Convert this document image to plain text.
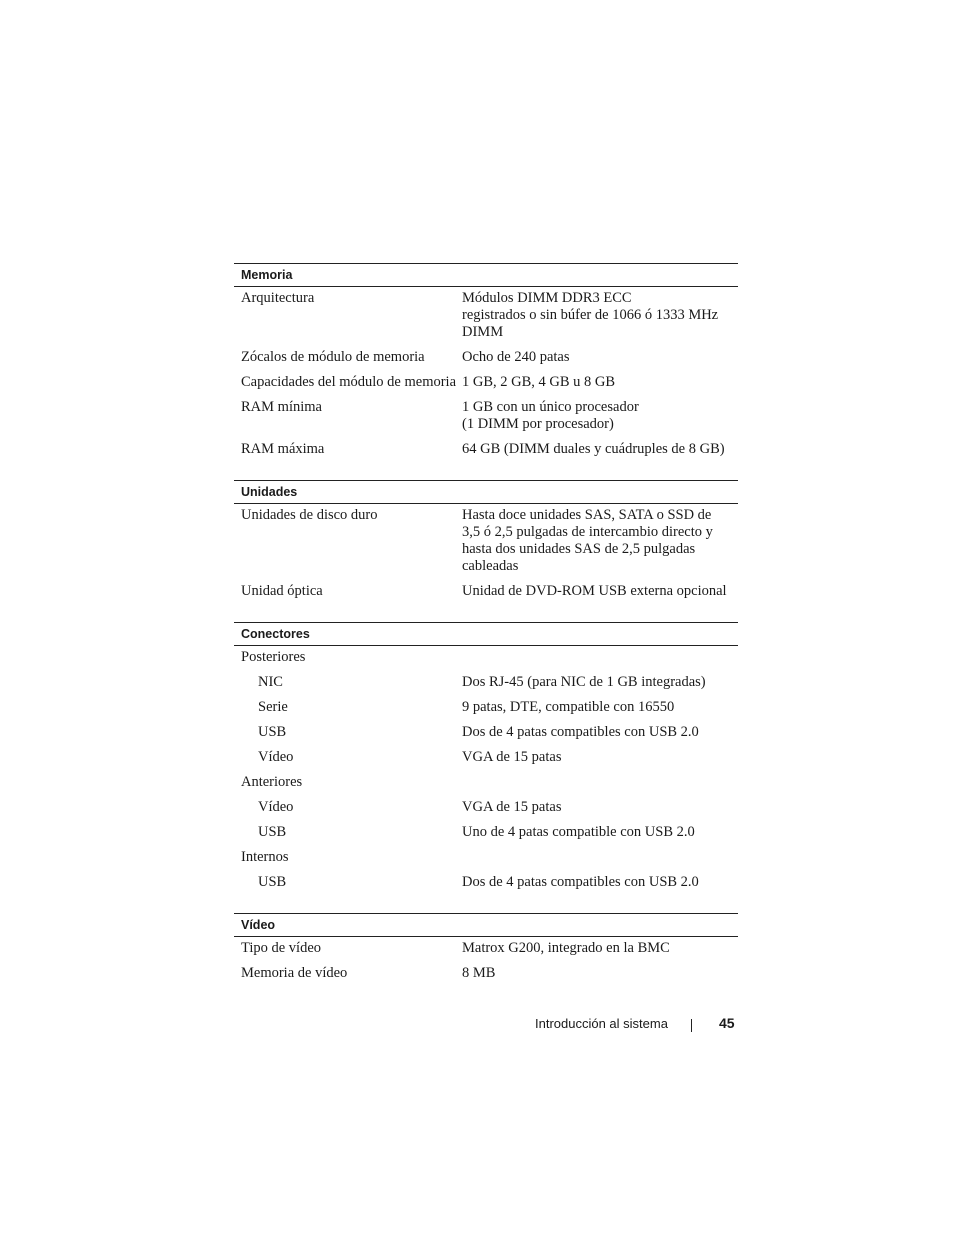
Memoria
Arquitectura	Módulos DIMM DDR3 ECC
registrados o sin búfer de 1066 ó 1333 MHz
DIMM
Zócalos de módulo de memoria	Ocho de 240 patas
Capacidades del módulo de memoria 1 GB, 2 GB, 4 GB u 8 GB
RAM mínima	1 GB con un único procesador
(1 DIMM por procesador)
RAM máxima	64 GB (DIMM duales y cuádruples de 8 GB)
Unidades
Unidades de disco duro	Hasta doce unidades SAS, SATA o SSD de
3,5 ó 2,5 pulgadas de intercambio directo y
hasta dos unidades SAS de 2,5 pulgadas
cableadas
Unidad óptica	Unidad de DVD-ROM USB externa opcional
Conectores
Posteriores
NIC	Dos RJ-45 (para NIC de 1 GB integradas)
Serie	9 patas, DTE, compatible con 16550
USB	Dos de 4 patas compatibles con USB 2.0
Vídeo	VGA de 15 patas
Anteriores
Vídeo	VGA de 15 patas
USB	Uno de 4 patas compatible con USB 2.0
Internos
USB	Dos de 4 patas compatibles con USB 2.0
Vídeo
Tipo de vídeo	Matrox G200, integrado en la BMC
Memoria de vídeo	8 MB
Introducción al sistema	45
